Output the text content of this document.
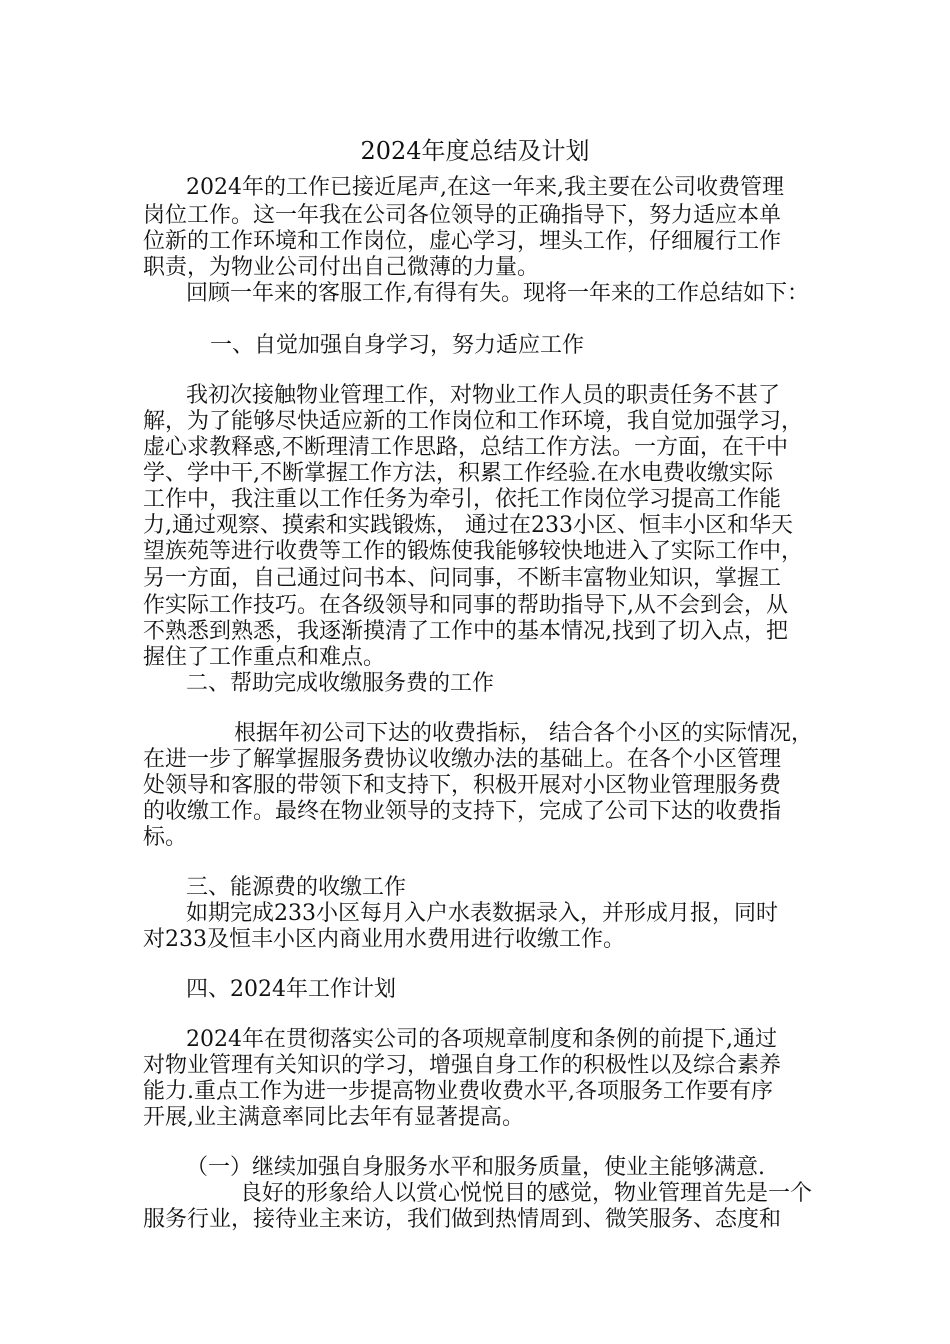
2024年度总结及计划
2024年的工作已接近尾声,在这一年来,我主要在公司收费管理
岗位工作。这一年我在公司各位领导的正确指导下，努力适应本单
位新的工作环境和工作岗位，虚心学习，埋头工作，仔细履行工作
职责，为物业公司付出自己微薄的力量。
回顾一年来的客服工作,有得有失。现将一年来的工作总结如下：
一、自觉加强自身学习，努力适应工作
我初次接触物业管理工作，对物业工作人员的职责任务不甚了
解，为了能够尽快适应新的工作岗位和工作环境，我自觉加强学习，
虚心求教释惑,不断理清工作思路，总结工作方法。一方面，在干中
学、学中干,不断掌握工作方法，积累工作经验.在水电费收缴实际
工作中，我注重以工作任务为牵引，依托工作岗位学习提高工作能
力,通过观察、摸索和实践锻炼， 通过在233小区、恒丰小区和华天
望族苑等进行收费等工作的锻炼使我能够较快地进入了实际工作中，
另一方面，自己通过问书本、问同事，不断丰富物业知识，掌握工
作实际工作技巧。在各级领导和同事的帮助指导下,从不会到会，从
不熟悉到熟悉，我逐渐摸清了工作中的基本情况,找到了切入点，把
握住了工作重点和难点。
二、帮助完成收缴服务费的工作
根据年初公司下达的收费指标， 结合各个小区的实际情况，
在进一步了解掌握服务费协议收缴办法的基础上。在各个小区管理
处领导和客服的带领下和支持下，积极开展对小区物业管理服务费
的收缴工作。最终在物业领导的支持下，完成了公司下达的收费指
标。
三、能源费的收缴工作
如期完成233小区每月入户水表数据录入，并形成月报，同时
对233及恒丰小区内商业用水费用进行收缴工作。
四、2024年工作计划
2024年在贯彻落实公司的各项规章制度和条例的前提下,通过
对物业管理有关知识的学习，增强自身工作的积极性以及综合素养
能力.重点工作为进一步提高物业费收费水平,各项服务工作要有序
开展,业主满意率同比去年有显著提高。
（一）继续加强自身服务水平和服务质量，使业主能够满意.
良好的形象给人以赏心悦悦目的感觉，物业管理首先是一个
服务行业，接待业主来访，我们做到热情周到、微笑服务、态度和
